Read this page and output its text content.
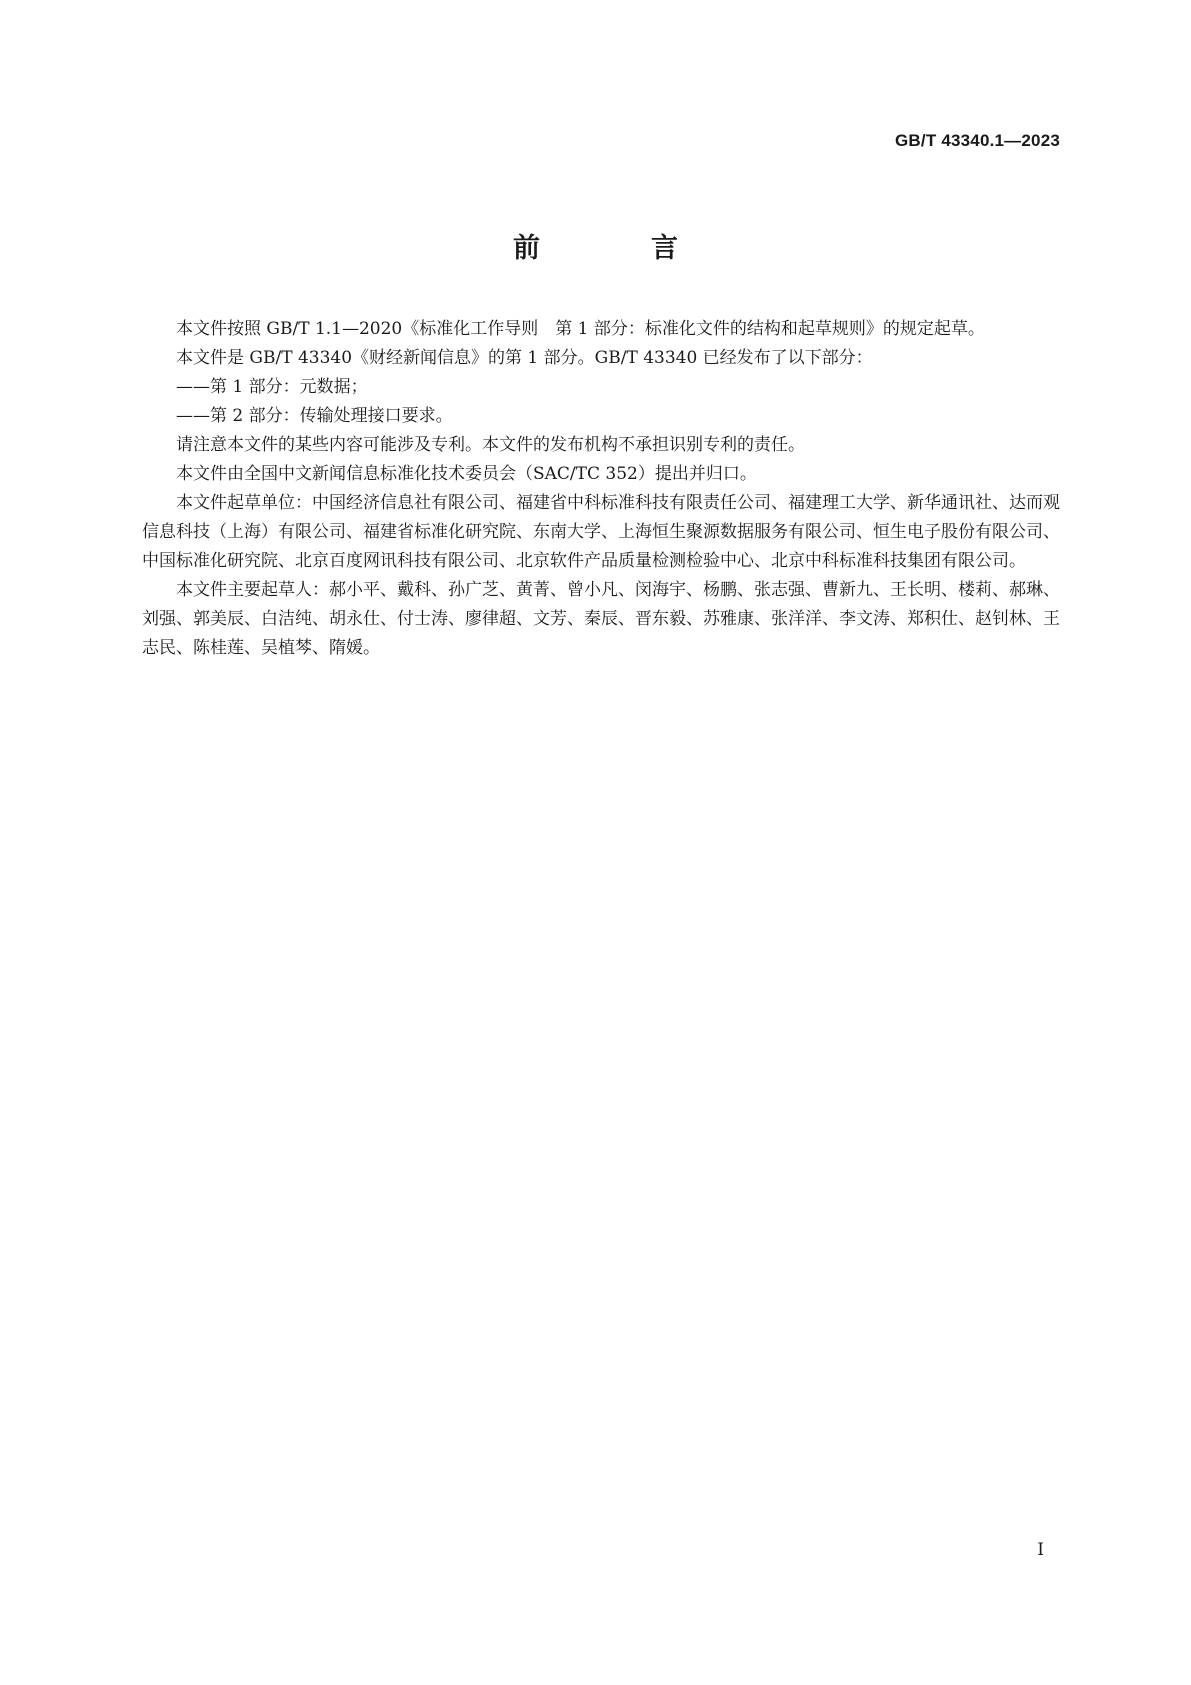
GB/T 43340.1—2023
前　言

本文件按照 GB/T 1.1—2020《标准化工作导则　第 1 部分：标准化文件的结构和起草规则》的规定起草。

本文件是 GB/T 43340《财经新闻信息》的第 1 部分。GB/T 43340 已经发布了以下部分：

——第 1 部分：元数据；

——第 2 部分：传输处理接口要求。

请注意本文件的某些内容可能涉及专利。本文件的发布机构不承担识别专利的责任。

本文件由全国中文新闻信息标准化技术委员会（SAC/TC 352）提出并归口。

本文件起草单位：中国经济信息社有限公司、福建省中科标准科技有限责任公司、福建理工大学、新华通讯社、达而观信息科技（上海）有限公司、福建省标准化研究院、东南大学、上海恒生聚源数据服务有限公司、恒生电子股份有限公司、中国标准化研究院、北京百度网讯科技有限公司、北京软件产品质量检测检验中心、北京中科标准科技集团有限公司。

本文件主要起草人：郝小平、戴科、孙广芝、黄菁、曾小凡、闵海宇、杨鹏、张志强、曹新九、王长明、楼莉、郝琳、刘强、郭美辰、白洁纯、胡永仕、付士涛、廖律超、文芳、秦辰、晋东毅、苏雅康、张洋洋、李文涛、郑积仕、赵钊林、王志民、陈桂莲、吴植棽、隋媛。

I
